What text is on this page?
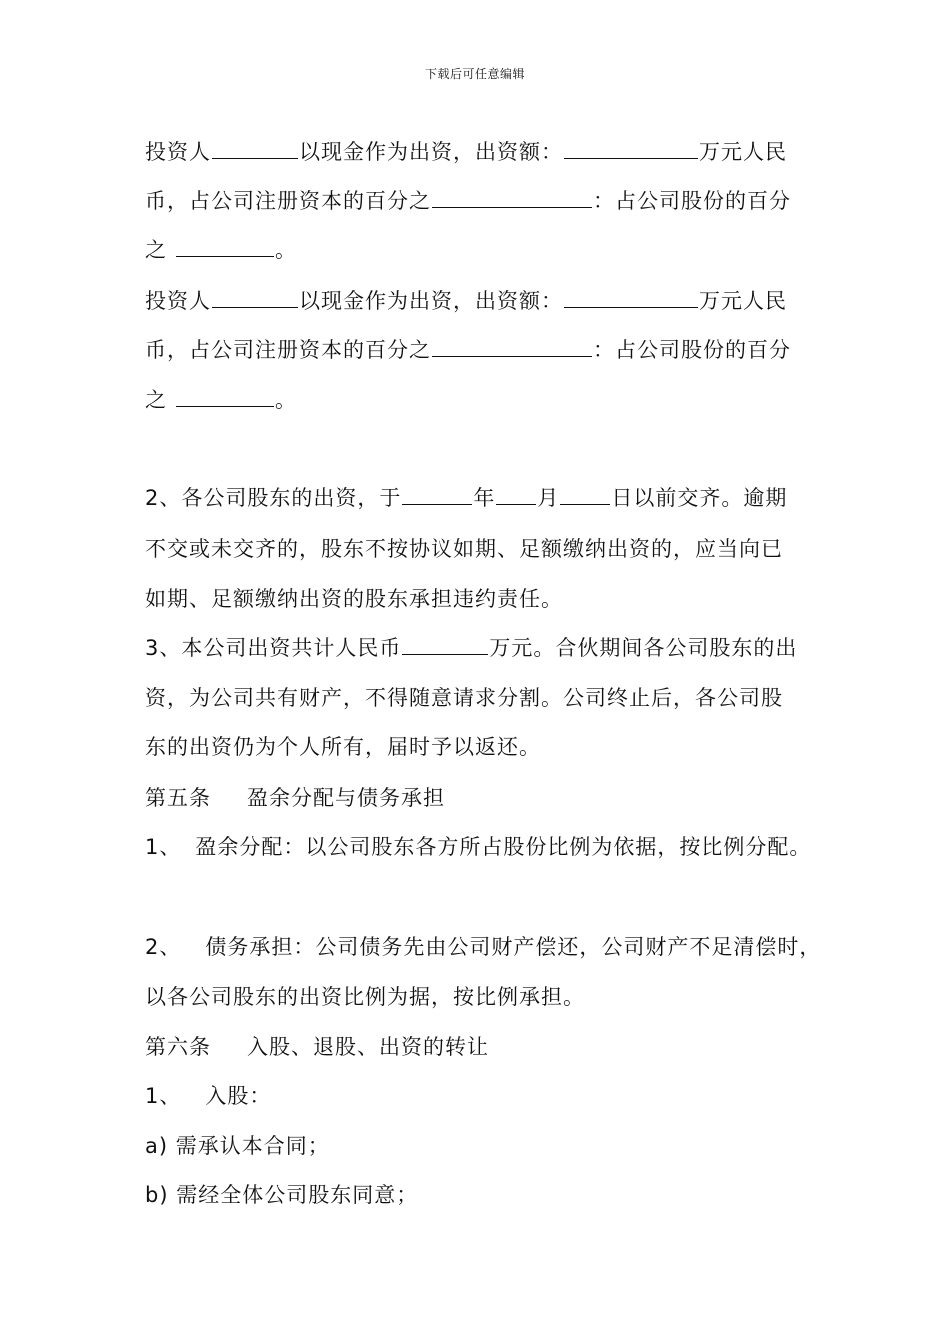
下载后可任意编辑
投资人	以现金作为出资，出资额：	万元人民
币，占公司注册资本的百分之	：占公司股份的百分
之	。
投资人	以现金作为出资，出资额：	万元人民
币，占公司注册资本的百分之	：占公司股份的百分
之	。
2、各公司股东的出资，于	年 月 日以前交齐。逾期
不交或未交齐的，股东不按协议如期、足额缴纳出资的，应当向已
如期、足额缴纳出资的股东承担违约责任。
3、本公司出资共计人民币	万元。合伙期间各公司股东的出
资，为公司共有财产，不得随意请求分割。公司终止后，各公司股
东的出资仍为个人所有，届时予以返还。
第五条 盈余分配与债务承担
1、 盈余分配：以公司股东各方所占股份比例为依据，按比例分配。
2、 债务承担：公司债务先由公司财产偿还，公司财产不足清偿时，
以各公司股东的出资比例为据，按比例承担。
第六条 入股、退股、出资的转让
1、 入股：
a) 需承认本合同；
b) 需经全体公司股东同意；
